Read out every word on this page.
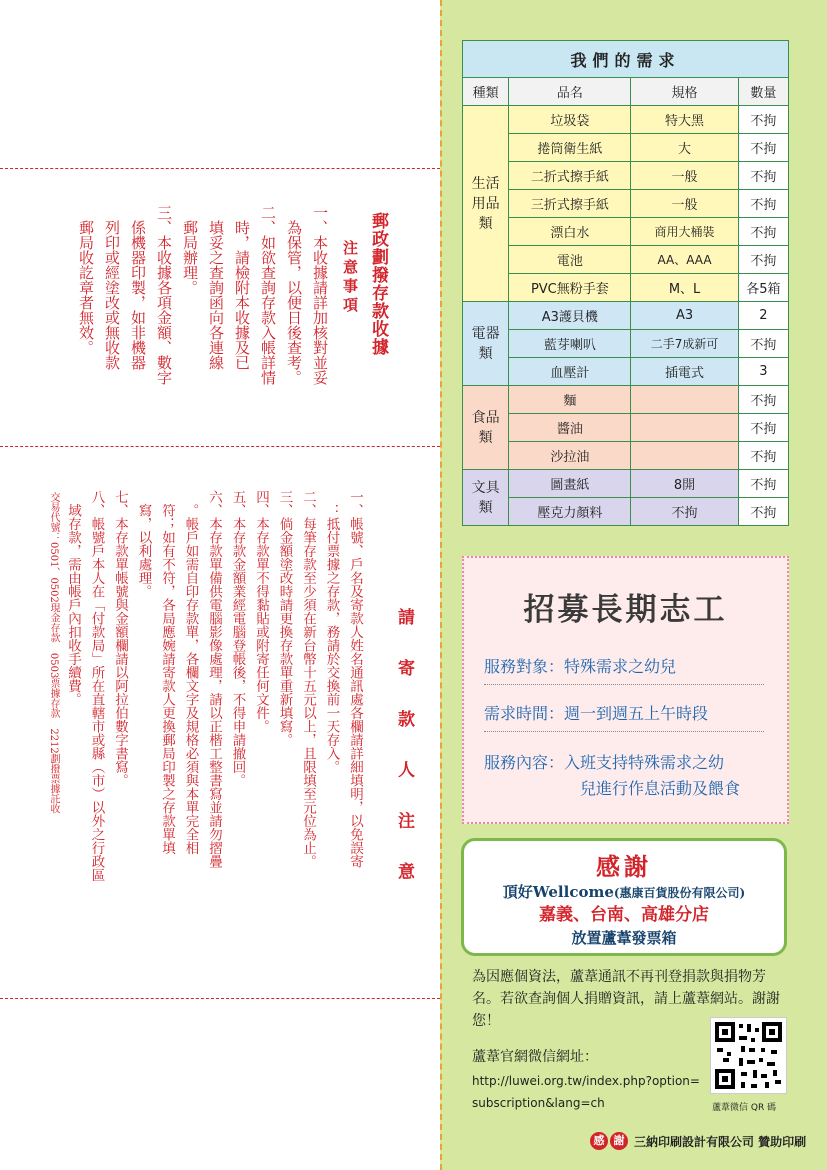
郵政劃撥存款收據
注意事項
一、本收據請詳加核對並妥
　為保管，以便日後查考。
二、如欲查詢存款入帳詳情
　時，請檢附本收據及已
　填妥之查詢函向各連線
　郵局辦理。
三、本收據各項金額、數字
　係機器印製，如非機器
　列印或經塗改或無收款
　郵局收訖章者無效。
請 寄 款 人 注 意
一、帳號、戶名及寄款人姓名通訊處各欄請詳細填明，以免誤寄
　：抵付票據之存款，務請於交換前一天存入。
二、每筆存款至少須在新台幣十五元以上，且限填至元位為止。
三、倘金額塗改時請更換存款單重新填寫。
四、本存款單不得黏貼或附寄任何文件。
五、本存款金額業經電腦登帳後，不得申請撤回。
六、本存款單備供電腦影像處理，請以正楷工整書寫並請勿摺疊
　。帳戶如需自印存款單，各欄文字及規格必須與本單完全相
　符；如有不符，各局應婉請寄款人更換郵局印製之存款單填
　寫，以利處理。
七、本存款單帳號與金額欄請以阿拉伯數字書寫。
八、帳號戶本人在「付款局」所在直轄市或縣（市）以外之行政區
　域存款，需由帳戶內扣收手續費。
交易代號：0501、0502現金存款　0503票據存款　2212劃撥票據託收
我們的需求			
種類	品名	規格	數量

生活
用品
類	垃圾袋	特大黑	不拘
	捲筒衛生紙	大	不拘
	二折式擦手紙	一般	不拘
	三折式擦手紙	一般	不拘
	漂白水	商用大桶裝	不拘
	電池	AA、AAA	不拘
	PVC無粉手套	M、L	各5箱

電器
類	A3護貝機	A3	2
	藍芽喇叭	二手7成新可	不拘
	血壓計	插電式	3

食品
類	麵		不拘
	醬油		不拘
	沙拉油		不拘

文具
類	圖畫紙	8開	不拘
	壓克力顏料	不拘	不拘
招募長期志工
服務對象：特殊需求之幼兒
需求時間：週一到週五上午時段
服務內容：入班支持特殊需求之幼
兒進行作息活動及餵食
感謝
頂好Wellcome(惠康百貨股份有限公司)
嘉義、台南、高雄分店
放置蘆葦發票箱
為因應個資法，蘆葦通訊不再刊登捐款與捐物芳名。若欲查詢個人捐贈資訊，請上蘆葦網站。謝謝您！
蘆葦官網微信網址：
http://luwei.org.tw/index.php?option=
subscription&lang=ch	蘆葦微信 QR 碼
感 謝 三納印刷設計有限公司 贊助印刷
